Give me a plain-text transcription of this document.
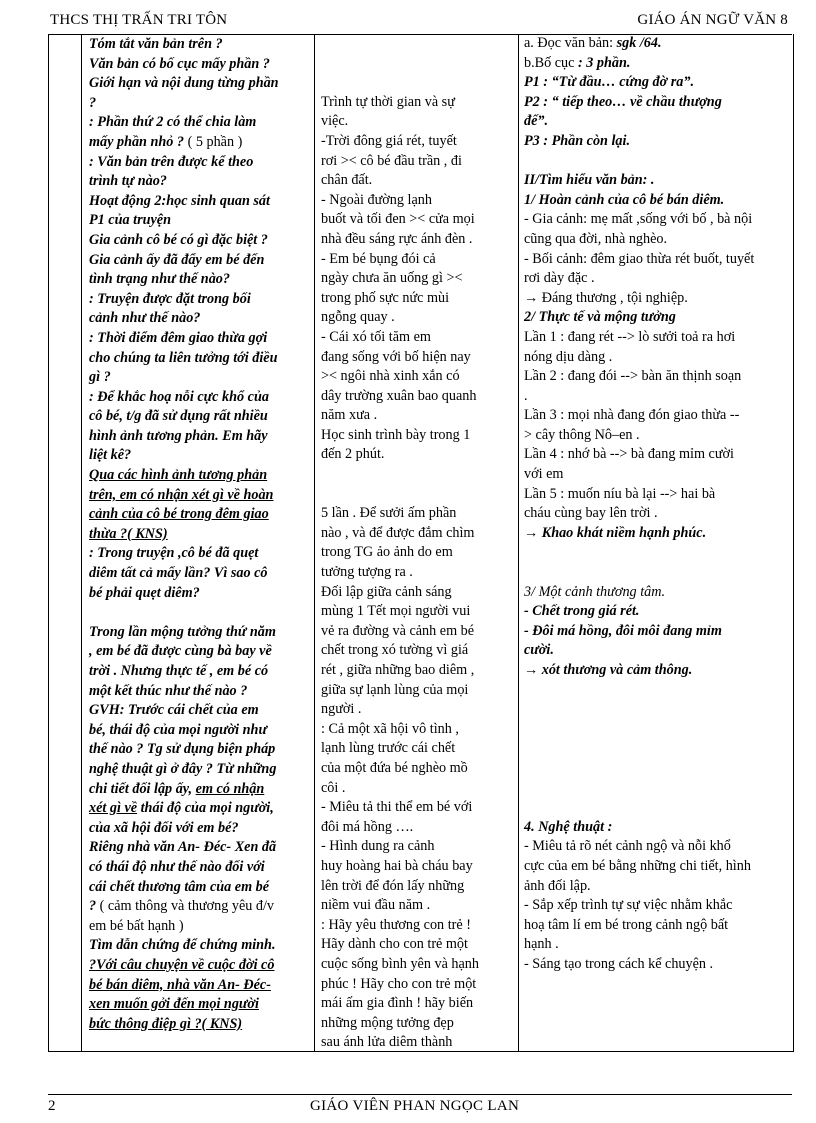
THCS THỊ TRẤN TRI TÔN	GIÁO ÁN NGỮ VĂN 8

Tóm tắt văn bản trên ?

Văn bản có bố cục mấy phần ?

Giới hạn và nội dung từng phần

?

: Phần thứ 2 có thể chia làm

mấy phần nhỏ ? ( 5 phần )

: Văn bản trên được kể theo

trình tự nào?

Hoạt động 2:học sinh quan sát

P1 của truyện

Gia cảnh cô bé có gì đặc biệt ?

Gia cảnh ấy đã đẩy em bé đến

tình trạng như thế nào?

: Truyện được đặt trong bối

cảnh như thế nào?

: Thời điểm đêm giao thừa gợi

cho chúng ta liên tưởng tới điều

gì ?

: Để khắc hoạ nỗi cực khổ của

cô bé, t/g đã sử dụng rất nhiều

hình ảnh tương phản. Em hãy

liệt kê?

Qua các hình ảnh tương phản

trên, em có nhận xét gì về hoàn

cảnh của cô bé trong đêm giao

thừa ?( KNS)

: Trong truyện ,cô bé đã quẹt

diêm tất cả mấy lần? Vì sao cô

bé phải quẹt diêm?

Trong lần mộng tưởng thứ năm

, em bé đã được cùng bà bay về

trời . Nhưng thực tế , em bé có

một kết thúc như thế nào ?

GVH: Trước cái chết của em

bé, thái độ của mọi người như

thế nào ? Tg sử dụng biện pháp

nghệ thuật gì ở đây ? Từ những

chi tiết đối lập ấy, em có nhận

xét gì về thái độ của mọi người,

của xã hội đối với em bé?

Riêng nhà văn An- Đéc- Xen đã

có thái độ như thế nào đối với

cái chết thương tâm của em bé

? ( cảm thông và thương yêu đ/v

em bé bất hạnh )

Tìm dẫn chứng để chứng minh.

?Với câu chuyện về cuộc đời cô

bé bán diêm, nhà văn An- Đéc-

xen muốn gởi đến mọi người

bức thông điệp gì ?( KNS)

Trình tự thời gian và sự

việc.

-Trời đông giá rét, tuyết

rơi >< cô bé đầu trần , đi

chân đất.

- Ngoài đường lạnh

buốt và tối đen >< cửa mọi

nhà đều sáng rực ánh đèn .

- Em bé bụng đói cả

ngày chưa ăn uống gì ><

trong phố sực nức mùi

ngỗng quay .

- Cái xó tối tăm em

đang sống với bố hiện nay

>< ngôi nhà xinh xắn có

dây trường xuân bao quanh

năm xưa .

Học sinh trình bày trong 1

đến 2 phút.

5 lần . Để sưởi ấm phần

nào , và để được đắm chìm

trong TG ảo ảnh do em

tưởng tượng ra .

Đối lập giữa cảnh sáng

mùng 1 Tết mọi người vui

vẻ ra đường và cảnh em bé

chết trong xó tường vì giá

rét , giữa những bao diêm ,

giữa sự lạnh lùng của mọi

người .

: Cả một xã hội vô tình ,

lạnh lùng trước cái chết

của một đứa bé nghèo mồ

côi .

- Miêu tả thi thể em bé với

đôi má hồng ….

- Hình dung ra cảnh

huy hoàng hai bà cháu bay

lên trời để đón lấy những

niềm vui đầu năm .

: Hãy yêu thương con trẻ !

Hãy dành cho con trẻ một

cuộc sống bình yên và hạnh

phúc ! Hãy cho con trẻ một

mái ấm gia đình ! hãy biến

những mộng tưởng đẹp

sau ánh lửa diêm thành

a. Đọc văn bản: sgk /64.

b.Bố cục : 3 phần.

P1 : “Từ đầu… cứng đờ ra”.

P2 : “ tiếp theo… về chầu thượng

đế”.

P3 : Phần còn lại.

II/Tìm hiểu văn bản: .

1/ Hoàn cảnh của cô bé bán diêm.

- Gia cảnh: mẹ mất ,sống với bố , bà nội

cũng qua đời, nhà nghèo.

- Bối cảnh: đêm giao thừa rét buốt, tuyết

rơi dày đặc .

→ Đáng thương , tội nghiệp.

2/ Thực tế và mộng tưởng

Lần 1 : đang rét --> lò sưởi toả ra hơi

nóng dịu dàng .

Lần 2 : đang đói --> bàn ăn thịnh soạn

.

Lần 3 : mọi nhà đang đón giao thừa --

> cây thông Nô–en .

Lần 4 : nhớ bà --> bà đang mỉm cười

với em

Lần 5 : muốn níu bà lại --> hai bà

cháu cùng bay lên trời .

→ Khao khát niềm hạnh phúc.

3/ Một cảnh thương tâm.

- Chết trong giá rét.

- Đôi má hồng, đôi môi đang mỉm

cười.

→ xót thương và cảm thông.

4. Nghệ thuật :

- Miêu tả rõ nét cảnh ngộ và nỗi khổ

cực của em bé bằng những chi tiết, hình

ảnh đối lập.

- Sắp xếp trình tự sự việc nhằm khắc

hoạ tâm lí em bé trong cảnh ngộ bất

hạnh .

- Sáng tạo trong cách kể chuyện .

2	GIÁO VIÊN PHAN NGỌC LAN
